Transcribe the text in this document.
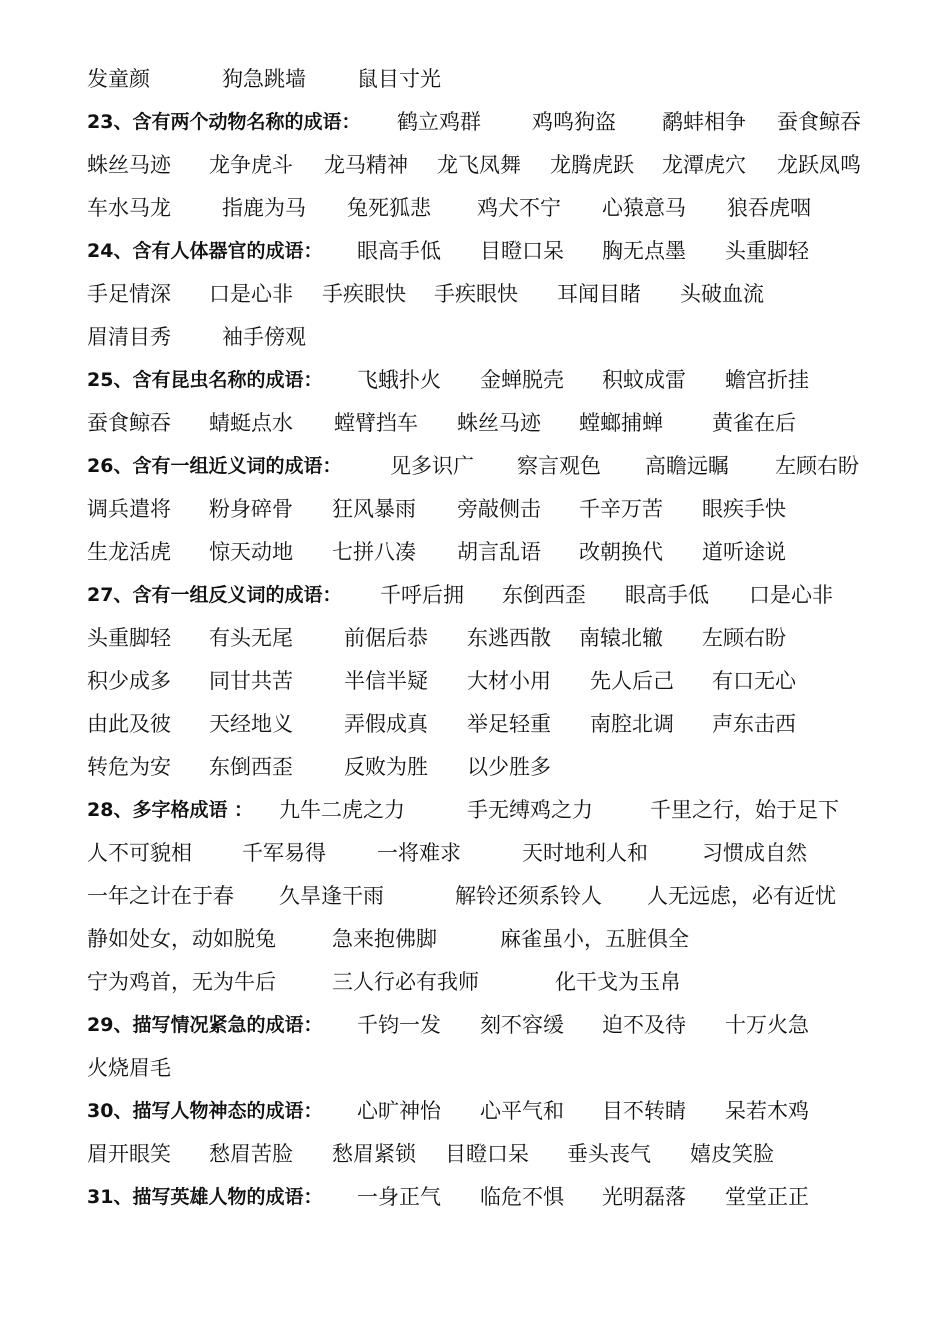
发童颜	狗急跳墙 鼠目寸光
23、含有两个动物名称的成语： 鹤立鸡群 鸡鸣狗盗 鹬蚌相争 蚕食鲸吞
蛛丝马迹 龙争虎斗 龙马精神 龙飞凤舞 龙腾虎跃 龙潭虎穴 龙跃凤鸣
车水马龙 指鹿为马 兔死狐悲 鸡犬不宁 心猿意马 狼吞虎咽
24、含有人体器官的成语： 眼高手低 目瞪口呆 胸无点墨 头重脚轻
手足情深 口是心非 手疾眼快 手疾眼快 耳闻目睹 头破血流
眉清目秀 袖手傍观
25、含有昆虫名称的成语： 飞蛾扑火 金蝉脱壳 积蚊成雷 蟾宫折挂
蚕食鲸吞 蜻蜓点水 螳臂挡车 蛛丝马迹 螳螂捕蝉 黄雀在后
26、含有一组近义词的成语： 见多识广 察言观色 高瞻远瞩 左顾右盼
调兵遣将 粉身碎骨 狂风暴雨 旁敲侧击 千辛万苦 眼疾手快
生龙活虎 惊天动地 七拼八凑 胡言乱语 改朝换代 道听途说
27、含有一组反义词的成语： 千呼后拥 东倒西歪 眼高手低 口是心非
头重脚轻 有头无尾 前倨后恭 东逃西散 南辕北辙 左顾右盼
积少成多 同甘共苦 半信半疑 大材小用 先人后己 有口无心
由此及彼 天经地义 弄假成真 举足轻重 南腔北调 声东击西
转危为安 东倒西歪 反败为胜 以少胜多
28、多字格成语 ： 九牛二虎之力	手无缚鸡之力	千里之行，始于足下
人不可貌相 千军易得 一将难求	天时地利人和	习惯成自然
一年之计在于春 久旱逢干雨	解铃还须系铃人 人无远虑，必有近忧
静如处女，动如脱兔	急来抱佛脚	麻雀虽小，五脏俱全
宁为鸡首，无为牛后	三人行必有我师	化干戈为玉帛
29、描写情况紧急的成语： 千钧一发 刻不容缓 迫不及待 十万火急
火烧眉毛
30、描写人物神态的成语： 心旷神怡 心平气和 目不转睛 呆若木鸡
眉开眼笑 愁眉苦脸 愁眉紧锁 目瞪口呆 垂头丧气 嬉皮笑脸
31、描写英雄人物的成语： 一身正气 临危不惧 光明磊落 堂堂正正
